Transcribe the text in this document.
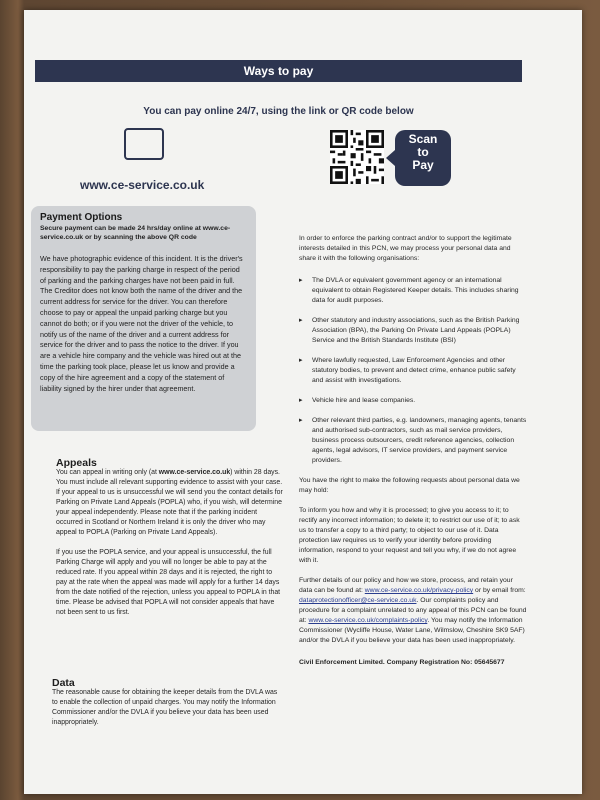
Ways to pay
You can pay online 24/7, using the link or QR code below
www.ce-service.co.uk
Scan
to
Pay
Payment Options
Secure payment can be made 24 hrs/day online at www.ce-service.co.uk or by scanning the above QR code
We have photographic evidence of this incident. It is the driver's responsibility to pay the parking charge in respect of the period of parking and the parking charges have not been paid in full. The Creditor does not know both the name of the driver and the current address for service for the driver. You can therefore choose to pay or appeal the unpaid parking charge but you cannot do both; or if you were not the driver of the vehicle, to notify us of the name of the driver and a current address for service for the driver and to pass the notice to the driver. If you are a vehicle hire company and the vehicle was hired out at the time the parking took place, please let us know and provide a copy of the hire agreement and a copy of the statement of liability signed by the hirer under that agreement.
Appeals
You can appeal in writing only (at www.ce-service.co.uk) within 28 days. You must include all relevant supporting evidence to assist with your case. If your appeal to us is unsuccessful we will send you the contact details for Parking on Private Land Appeals (POPLA) who, if you wish, will determine your appeal independently. Please note that if the parking incident occurred in Scotland or Northern Ireland it is only the driver who may appeal to POPLA (Parking on Private Land Appeals).
If you use the POPLA service, and your appeal is unsuccessful, the full Parking Charge will apply and you will no longer be able to pay at the reduced rate. If you appeal within 28 days and it is rejected, the right to pay at the rate when the appeal was made will apply for a further 14 days from the date notified of the rejection, unless you appeal to POPLA in that time. Please be advised that POPLA will not consider appeals that have not been sent to us first.
Data
The reasonable cause for obtaining the keeper details from the DVLA was to enable the collection of unpaid charges. You may notify the Information Commissioner and/or the DVLA if you believe your data has been used inappropriately.

In order to enforce the parking contract and/or to support the legitimate interests detailed in this PCN, we may process your personal data and share it with the following organisations:

▸ The DVLA or equivalent government agency or an international equivalent to obtain Registered Keeper details. This includes sharing data for audit purposes.
▸ Other statutory and industry associations, such as the British Parking Association (BPA), the Parking On Private Land Appeals (POPLA) Service and the British Standards Institute (BSI)
▸ Where lawfully requested, Law Enforcement Agencies and other statutory bodies, to prevent and detect crime, enhance public safety and assist with investigations.
▸ Vehicle hire and lease companies.
▸ Other relevant third parties, e.g. landowners, managing agents, tenants and authorised sub-contractors, such as mail service providers, business process outsourcers, credit reference agencies, collection agents, legal advisors, IT service providers, and payment service providers.

You have the right to make the following requests about personal data we may hold:

To inform you how and why it is processed; to give you access to it; to rectify any incorrect information; to delete it; to restrict our use of it; to ask us to transfer a copy to a third party; to object to our use of it. Data protection law requires us to verify your identity before providing information, respond to your request and tell you why, if we do not agree with it.

Further details of our policy and how we store, process, and retain your data can be found at: www.ce-service.co.uk/privacy-policy or by email from: dataprotectionofficer@ce-service.co.uk. Our complaints policy and procedure for a complaint unrelated to any appeal of this PCN can be found at: www.ce-service.co.uk/complaints-policy. You may notify the Information Commissioner (Wycliffe House, Water Lane, Wilmslow, Cheshire SK9 5AF) and/or the DVLA if you believe your data has been used inappropriately.

Civil Enforcement Limited. Company Registration No: 05645677
